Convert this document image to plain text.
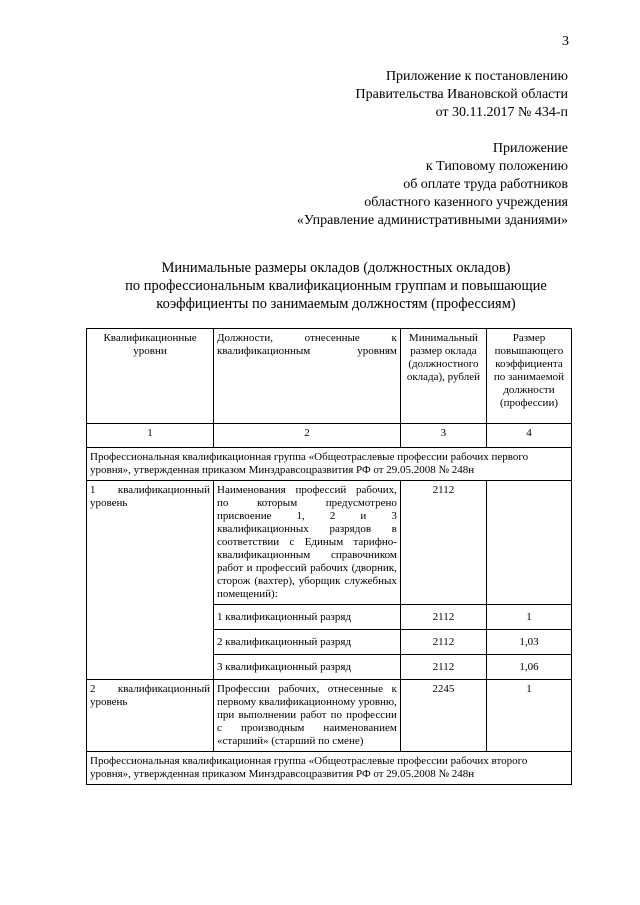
3
Приложение к постановлению
Правительства Ивановской области
от 30.11.2017 № 434-п
Приложение
к Типовому положению
об оплате труда работников
областного казенного учреждения
«Управление административными зданиями»
Минимальные размеры окладов (должностных окладов)
по профессиональным квалификационным группам и повышающие
коэффициенты по занимаемым должностям (профессиям)
Квалификационные уровни	Должности, отнесенные к квалификационным уровням	Минимальный размер оклада (должностного оклада), рублей	Размер повышающего коэффициента по занимаемой должности (профессии)
1	2	3	4
Профессиональная квалификационная группа «Общеотраслевые профессии рабочих первого уровня», утвержденная приказом Минздравсоцразвития РФ от 29.05.2008 № 248н			
1 квалификационный уровень	Наименования профессий рабочих, по которым предусмотрено присвоение 1, 2 и 3 квалификационных разрядов в соответствии с Единым тарифно-квалификационным справочником работ и профессий рабочих (дворник, сторож (вахтер), уборщик служебных помещений):	2112	
	1 квалификационный разряд	2112	1
	2 квалификационный разряд	2112	1,03
	3 квалификационный разряд	2112	1,06
2 квалификационный уровень	Профессии рабочих, отнесенные к первому квалификационному уровню, при выполнении работ по профессии с производным наименованием «старший» (старший по смене)	2245	1
Профессиональная квалификационная группа «Общеотраслевые профессии рабочих второго уровня», утвержденная приказом Минздравсоцразвития РФ от 29.05.2008 № 248н			
